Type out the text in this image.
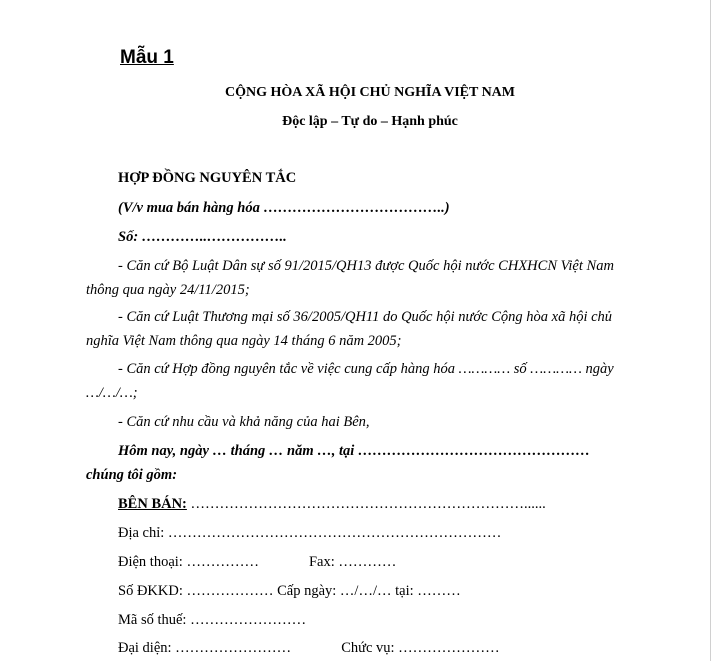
Mẫu 1
CỘNG HÒA XÃ HỘI CHỦ NGHĨA VIỆT NAM
Độc lập – Tự do – Hạnh phúc
HỢP ĐỒNG NGUYÊN TẮC
(V/v mua bán hàng hóa ………………………………..)
Số: …………..……………..
- Căn cứ Bộ Luật Dân sự số 91/2015/QH13 được Quốc hội nước CHXHCN Việt Nam
thông qua ngày 24/11/2015;
- Căn cứ Luật Thương mại số 36/2005/QH11 do Quốc hội nước Cộng hòa xã hội chủ
nghĩa Việt Nam thông qua ngày 14 tháng 6 năm 2005;
- Căn cứ Hợp đồng nguyên tắc về việc cung cấp hàng hóa ………… số ………… ngày
…/…/…;
- Căn cứ nhu cầu và khả năng của hai Bên,
Hôm nay, ngày … tháng … năm …, tại …………………………………………
chúng tôi gồm:
BÊN BÁN: ……………………………………………………………......
Địa chỉ: ……………………………………………………………
Điện thoại: ……………	Fax: …………
Số ĐKKD: ……………… Cấp ngày: …/…/… tại: ………
Mã số thuế: ……………………
Đại diện: ……………………	Chức vụ: …………………
